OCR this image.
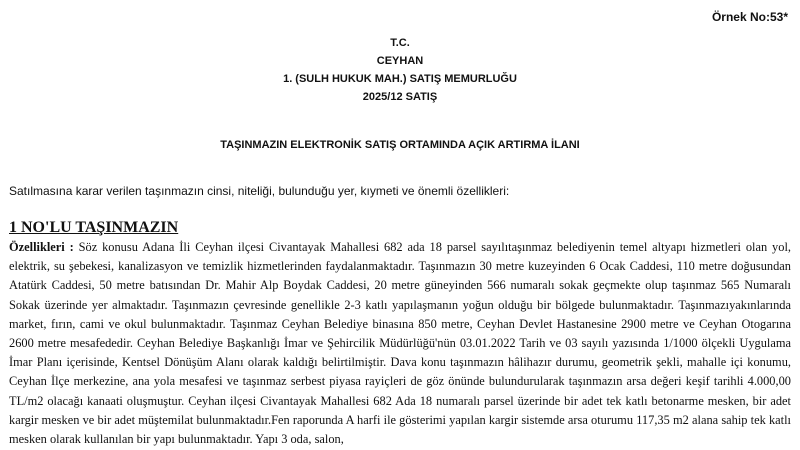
Örnek No:53*
T.C.
CEYHAN
1. (SULH HUKUK MAH.) SATIŞ MEMURLUĞU
2025/12 SATIŞ
TAŞINMAZIN ELEKTRONİK SATIŞ ORTAMINDA AÇIK ARTIRMA İLANI
Satılmasına karar verilen taşınmazın cinsi, niteliği, bulunduğu yer, kıymeti ve önemli özellikleri:
1 NO'LU TAŞINMAZIN

Özellikleri : Söz konusu Adana İli Ceyhan ilçesi Civantayak Mahallesi 682 ada 18 parsel sayılıtaşınmaz belediyenin temel altyapı hizmetleri olan yol, elektrik, su şebekesi, kanalizasyon ve temizlik hizmetlerinden faydalanmaktadır. Taşınmazın 30 metre kuzeyinden 6 Ocak Caddesi, 110 metre doğusundan Atatürk Caddesi, 50 metre batısından Dr. Mahir Alp Boydak Caddesi, 20 metre güneyinden 566 numaralı sokak geçmekte olup taşınmaz 565 Numaralı Sokak üzerinde yer almaktadır. Taşınmazın çevresinde genellikle 2-3 katlı yapılaşmanın yoğun olduğu bir bölgede bulunmaktadır. Taşınmazıyakınlarında market, fırın, cami ve okul bulunmaktadır. Taşınmaz Ceyhan Belediye binasına 850 metre, Ceyhan Devlet Hastanesine 2900 metre ve Ceyhan Otogarına 2600 metre mesafededir. Ceyhan Belediye Başkanlığı İmar ve Şehircilik Müdürlüğü'nün 03.01.2022 Tarih ve 03 sayılı yazısında 1/1000 ölçekli Uygulama İmar Planı içerisinde, Kentsel Dönüşüm Alanı olarak kaldığı belirtilmiştir. Dava konu taşınmazın hâlihazır durumu, geometrik şekli, mahalle içi konumu, Ceyhan İlçe merkezine, ana yola mesafesi ve taşınmaz serbest piyasa rayiçleri de göz önünde bulundurularak taşınmazın arsa değeri keşif tarihli 4.000,00 TL/m2 olacağı kanaati oluşmuştur. Ceyhan ilçesi Civantayak Mahallesi 682 Ada 18 numaralı parsel üzerinde bir adet tek katlı betonarme mesken, bir adet kargir mesken ve bir adet müştemilat bulunmaktadır.Fen raporunda A harfi ile gösterimi yapılan kargir sistemde arsa oturumu 117,35 m2 alana sahip tek katlı mesken olarak kullanılan bir yapı bulunmaktadır. Yapı 3 oda, salon,
